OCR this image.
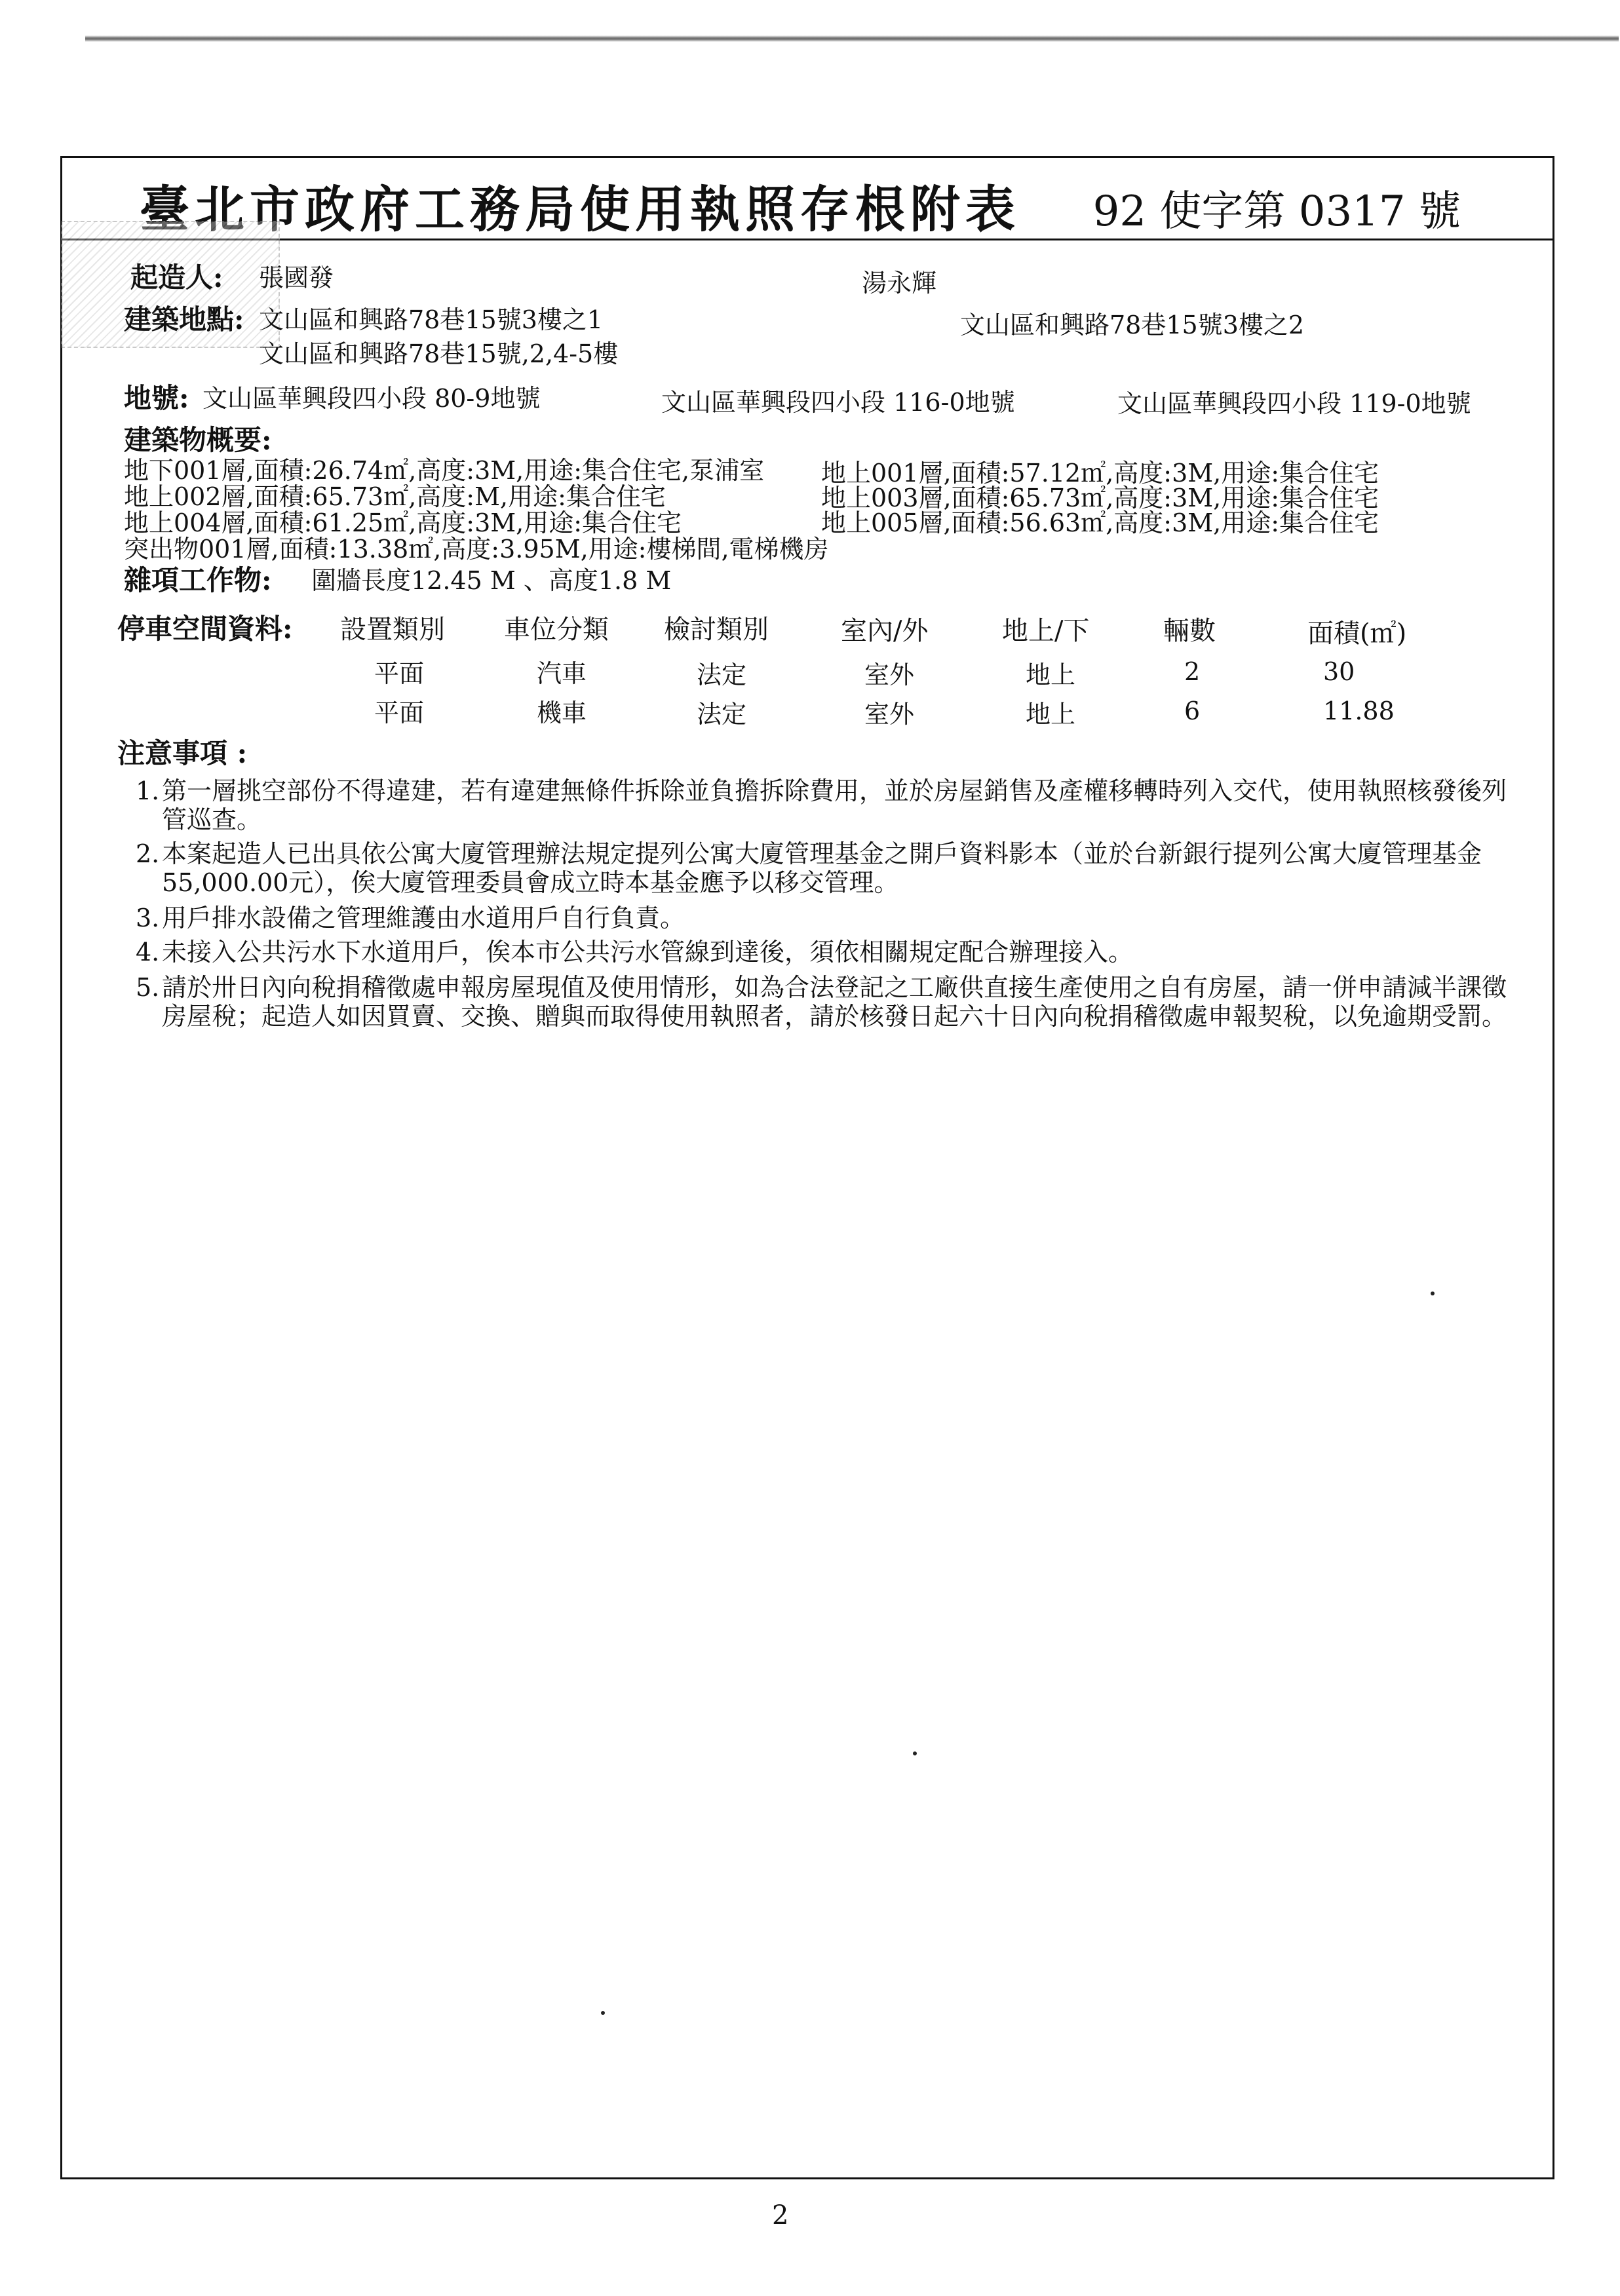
臺北市政府工務局使用執照存根附表 92 使字第 0317 號
起造人: 張國發	湯永輝
建築地點: 文山區和興路78巷15號3樓之1	文山區和興路78巷15號3樓之2
文山區和興路78巷15號,2,4-5樓
地號: 文山區華興段四小段 80-9地號	文山區華興段四小段 116-0地號	文山區華興段四小段 119-0地號
建築物概要:
地下001層,面積:26.74㎡,高度:3M,用途:集合住宅,泵浦室 地上001層,面積:57.12㎡,高度:3M,用途:集合住宅
地上002層,面積:65.73㎡,高度:M,用途:集合住宅	地上003層,面積:65.73㎡,高度:3M,用途:集合住宅
地上004層,面積:61.25㎡,高度:3M,用途:集合住宅	地上005層,面積:56.63㎡,高度:3M,用途:集合住宅
突出物001層,面積:13.38㎡,高度:3.95M,用途:樓梯間,電梯機房
雜項工作物: 圍牆長度12.45 M 、高度1.8 M
停車空間資料: 設置類別 車位分類 檢討類別	室內/外	地上/下	輛數	面積(㎡)
平面	汽車	法定	室外	地上	2	30
平面	機車	法定	室外	地上	6	11.88
注意事項 :
1. 第一層挑空部份不得違建，若有違建無條件拆除並負擔拆除費用，並於房屋銷售及產權移轉時列入交代，使用執照核發後列管巡查。
2. 本案起造人已出具依公寓大廈管理辦法規定提列公寓大廈管理基金之開戶資料影本（並於台新銀行提列公寓大廈管理基金55,000.00元），俟大廈管理委員會成立時本基金應予以移交管理。
3. 用戶排水設備之管理維護由水道用戶自行負責。
4. 未接入公共污水下水道用戶，俟本市公共污水管線到達後，須依相關規定配合辦理接入。
5. 請於卅日內向稅捐稽徵處申報房屋現值及使用情形，如為合法登記之工廠供直接生產使用之自有房屋，請一併申請減半課徵房屋稅；起造人如因買賣、交換、贈與而取得使用執照者，請於核發日起六十日內向稅捐稽徵處申報契稅，以免逾期受罰。
2
